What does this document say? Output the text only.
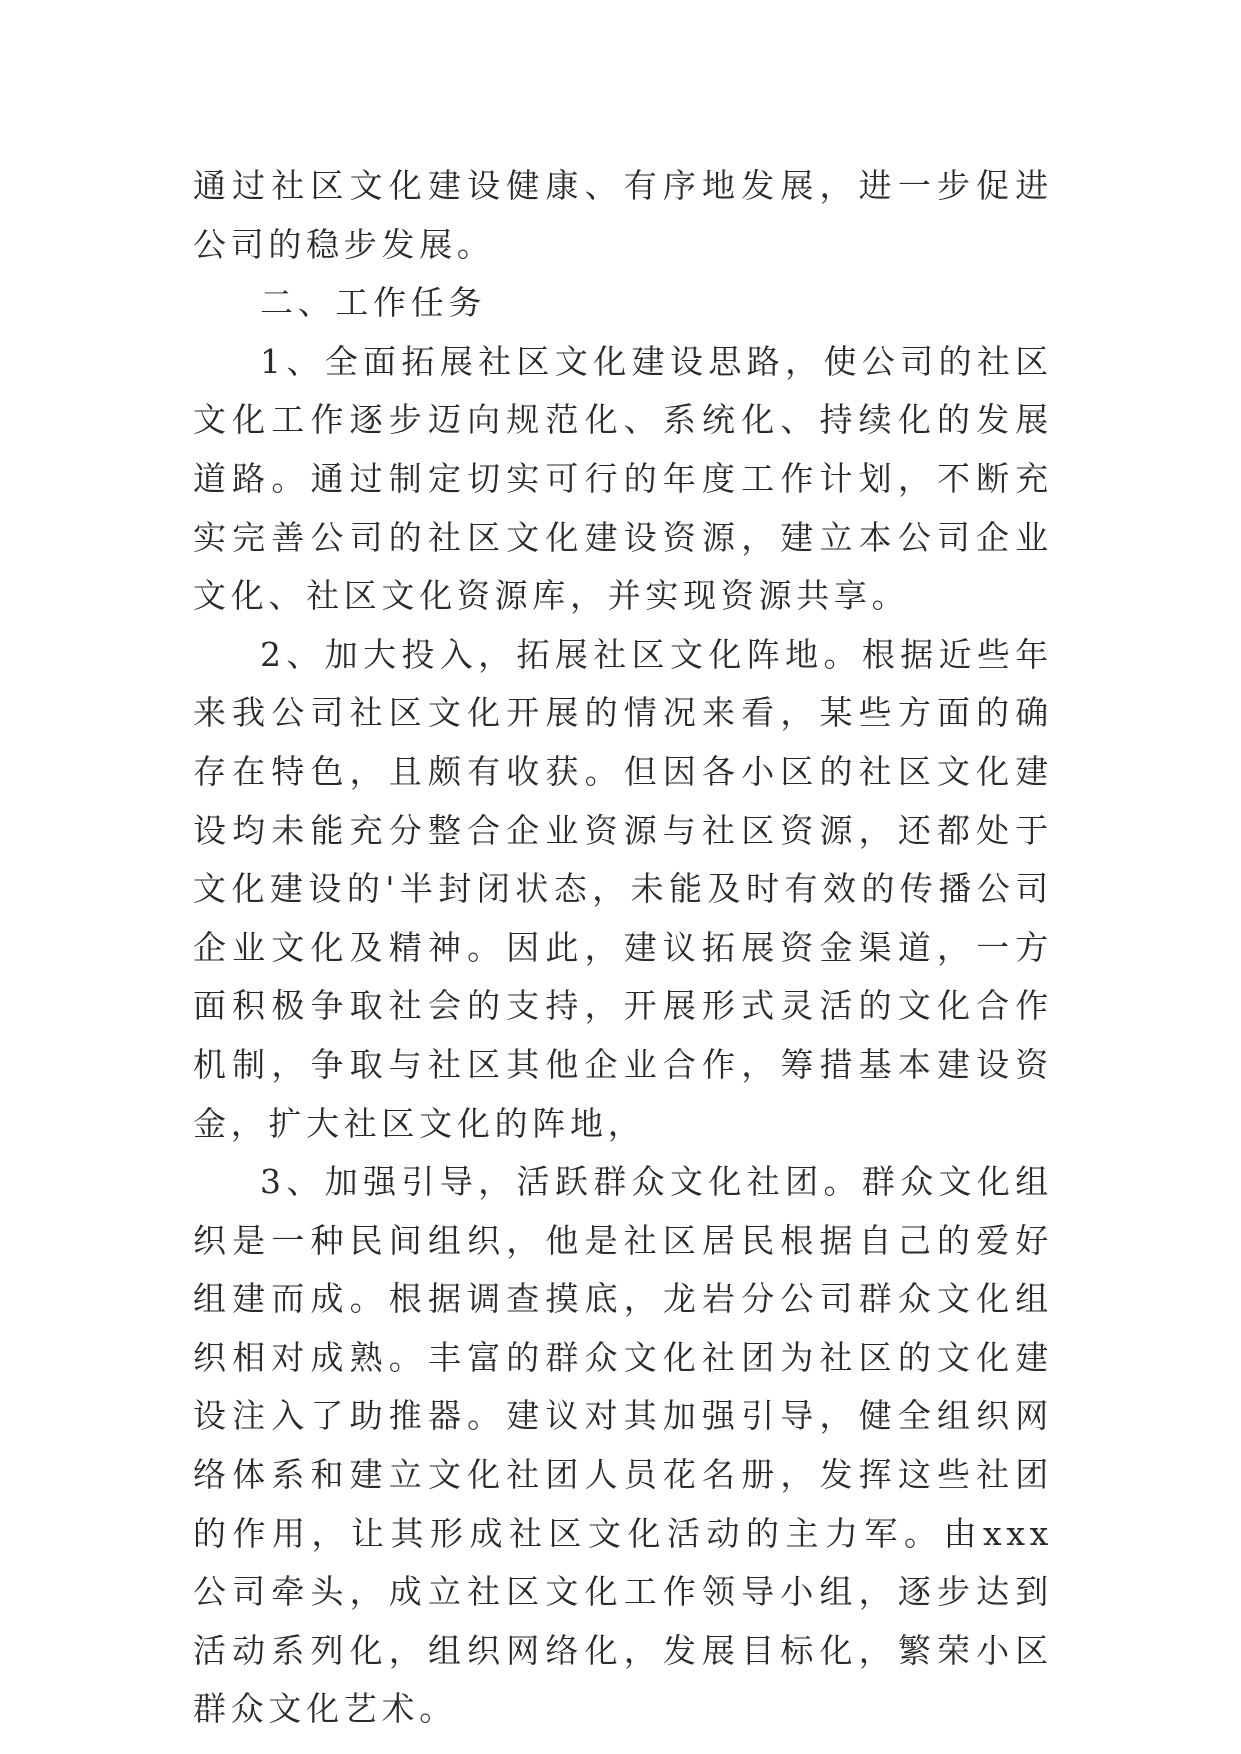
通过社区文化建设健康、有序地发展，进一步促进公司的稳步发展。

二、工作任务

1、全面拓展社区文化建设思路，使公司的社区文化工作逐步迈向规范化、系统化、持续化的发展道路。通过制定切实可行的年度工作计划，不断充实完善公司的社区文化建设资源，建立本公司企业文化、社区文化资源库，并实现资源共享。

2、加大投入，拓展社区文化阵地。根据近些年来我公司社区文化开展的情况来看，某些方面的确存在特色，且颇有收获。但因各小区的社区文化建设均未能充分整合企业资源与社区资源，还都处于文化建设的'半封闭状态，未能及时有效的传播公司企业文化及精神。因此，建议拓展资金渠道，一方面积极争取社会的支持，开展形式灵活的文化合作机制，争取与社区其他企业合作，筹措基本建设资金，扩大社区文化的阵地，

3、加强引导，活跃群众文化社团。群众文化组织是一种民间组织，他是社区居民根据自己的爱好组建而成。根据调查摸底，龙岩分公司群众文化组织相对成熟。丰富的群众文化社团为社区的文化建设注入了助推器。建议对其加强引导，健全组织网络体系和建立文化社团人员花名册，发挥这些社团的作用，让其形成社区文化活动的主力军。由xxx公司牵头，成立社区文化工作领导小组，逐步达到活动系列化，组织网络化，发展目标化，繁荣小区群众文化艺术。
